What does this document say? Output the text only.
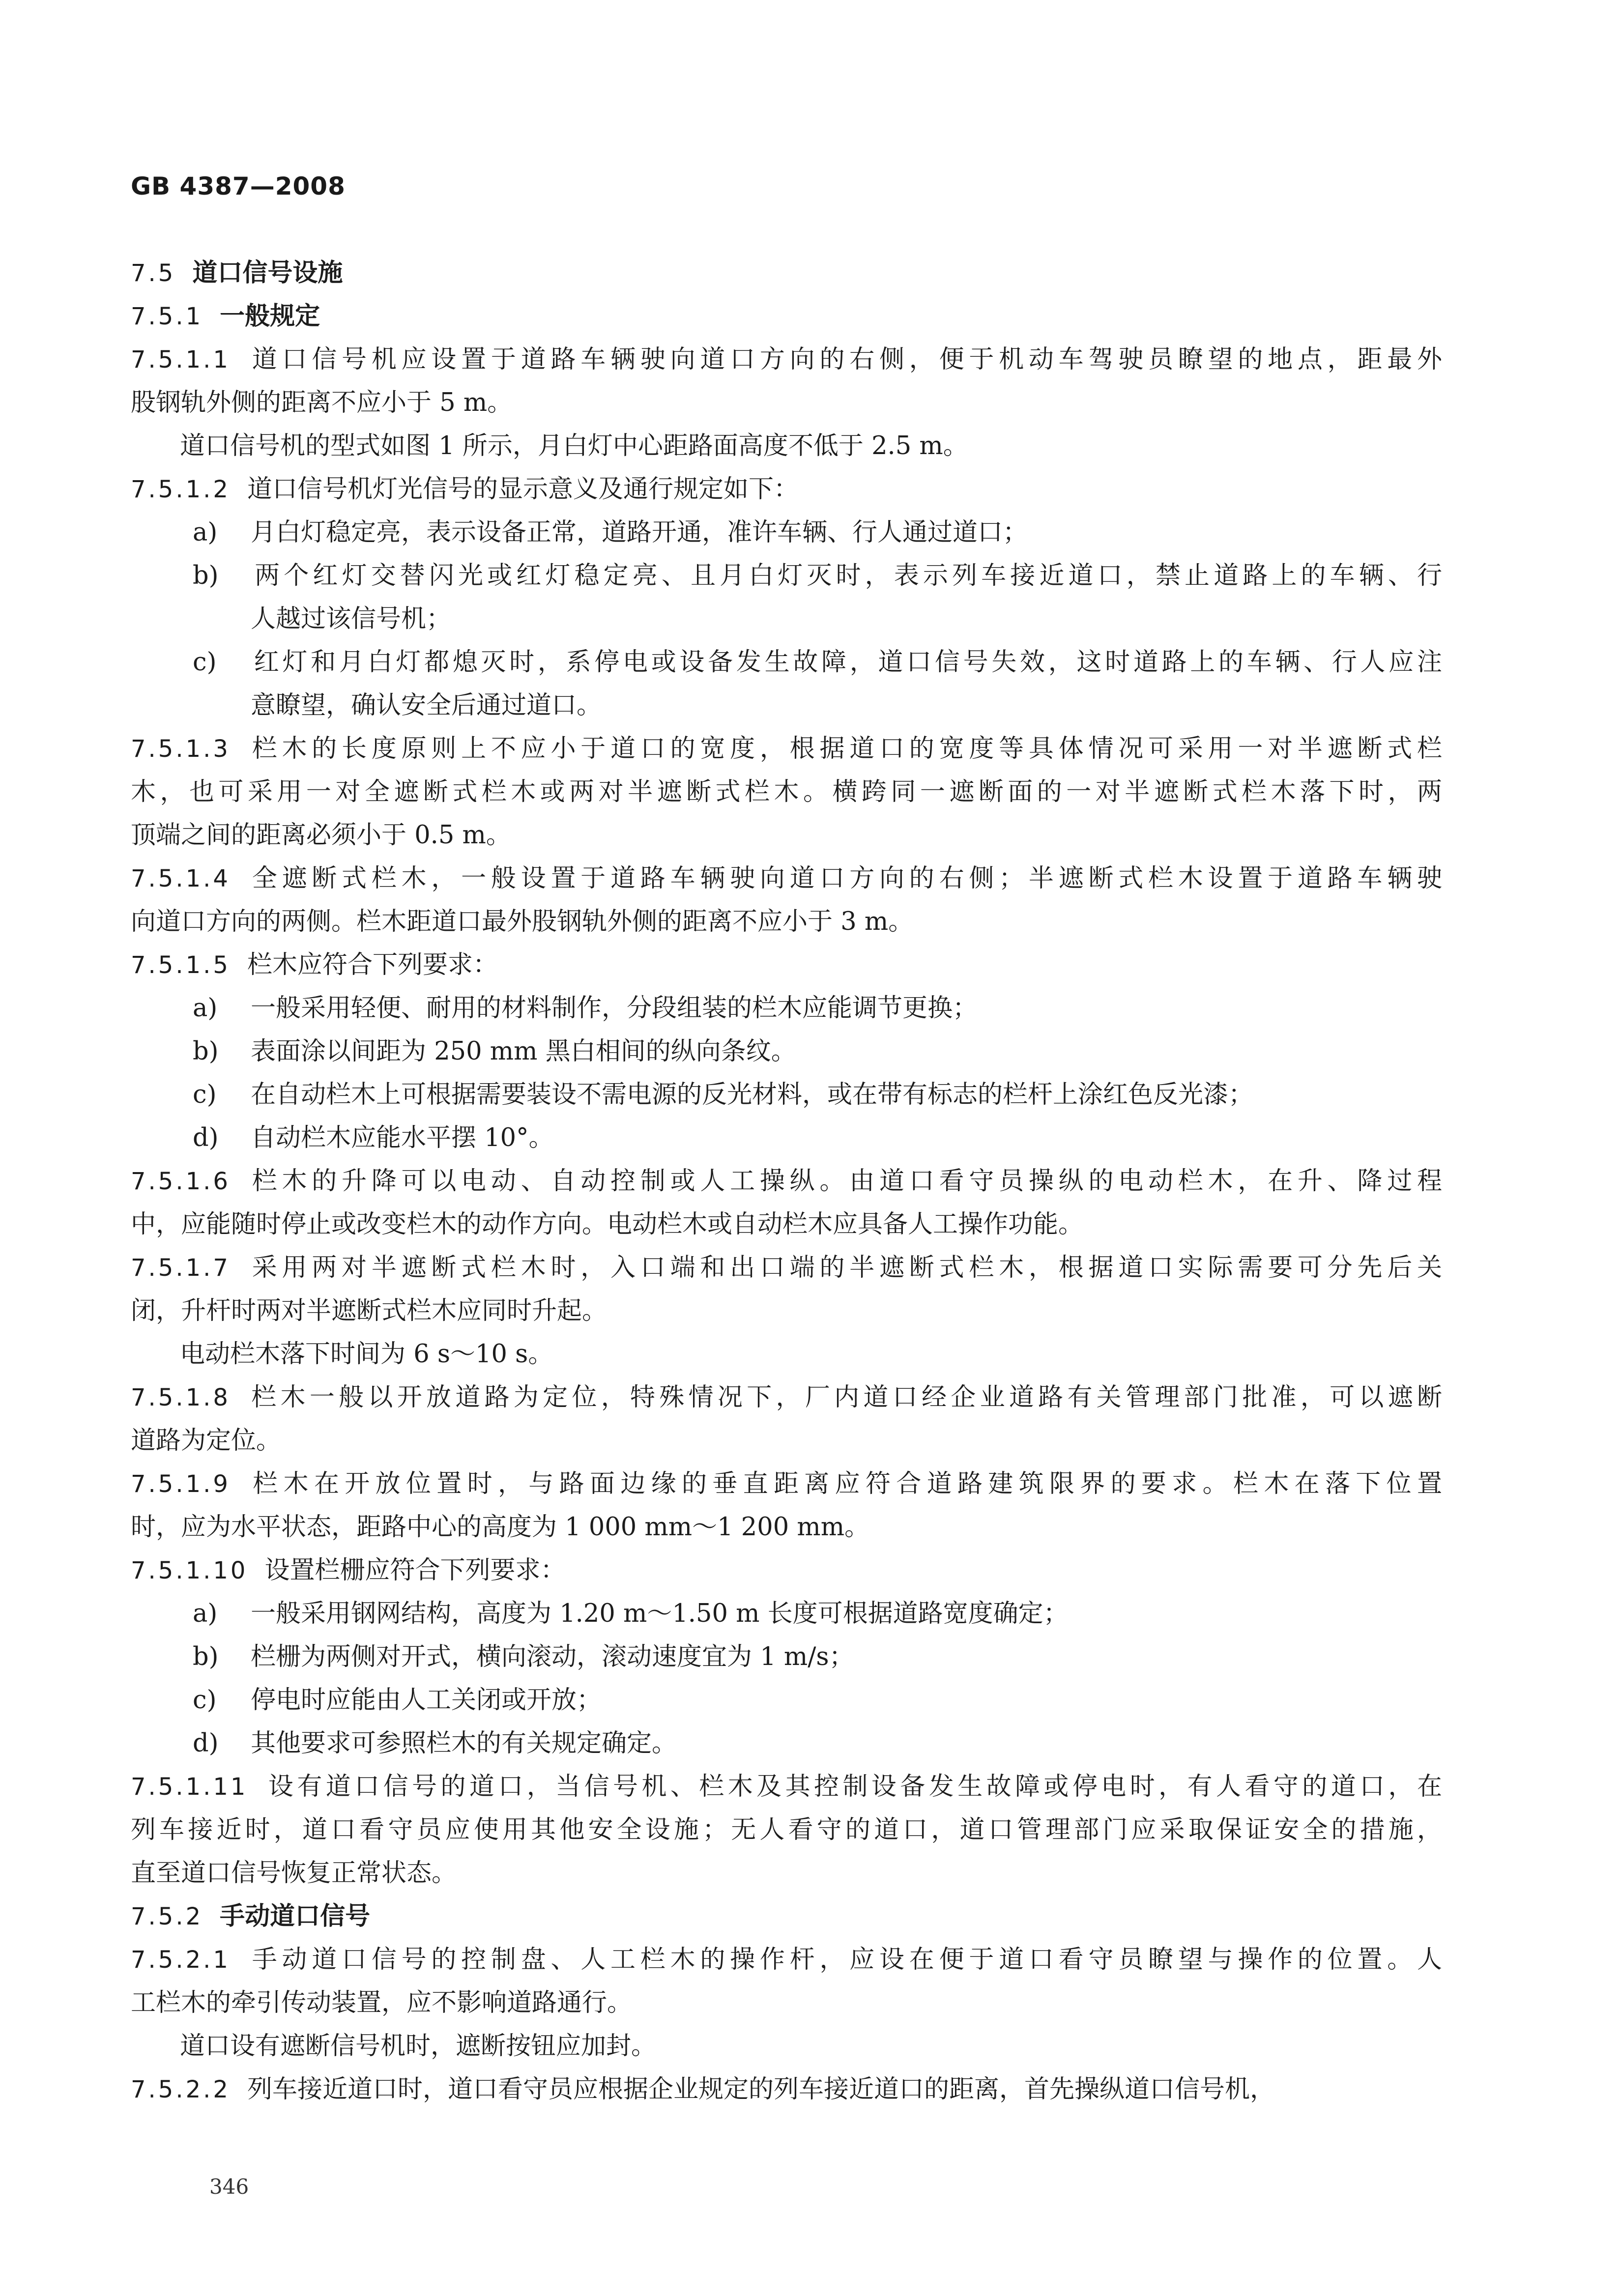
GB 4387—2008
7.5 道口信号设施
7.5.1 一般规定
7.5.1.1 道口信号机应设置于道路车辆驶向道口方向的右侧，便于机动车驾驶员瞭望的地点，距最外
股钢轨外侧的距离不应小于 5 m。
道口信号机的型式如图 1 所示，月白灯中心距路面高度不低于 2.5 m。
7.5.1.2 道口信号机灯光信号的显示意义及通行规定如下：
a) 月白灯稳定亮，表示设备正常，道路开通，准许车辆、行人通过道口；
b) 两个红灯交替闪光或红灯稳定亮、且月白灯灭时，表示列车接近道口，禁止道路上的车辆、行
人越过该信号机；
c) 红灯和月白灯都熄灭时，系停电或设备发生故障，道口信号失效，这时道路上的车辆、行人应注
意瞭望，确认安全后通过道口。
7.5.1.3 栏木的长度原则上不应小于道口的宽度，根据道口的宽度等具体情况可采用一对半遮断式栏
木，也可采用一对全遮断式栏木或两对半遮断式栏木。横跨同一遮断面的一对半遮断式栏木落下时，两
顶端之间的距离必须小于 0.5 m。
7.5.1.4 全遮断式栏木，一般设置于道路车辆驶向道口方向的右侧；半遮断式栏木设置于道路车辆驶
向道口方向的两侧。栏木距道口最外股钢轨外侧的距离不应小于 3 m。
7.5.1.5 栏木应符合下列要求：
a) 一般采用轻便、耐用的材料制作，分段组装的栏木应能调节更换；
b) 表面涂以间距为 250 mm 黑白相间的纵向条纹。
c) 在自动栏木上可根据需要装设不需电源的反光材料，或在带有标志的栏杆上涂红色反光漆；
d) 自动栏木应能水平摆 10°。
7.5.1.6 栏木的升降可以电动、自动控制或人工操纵。由道口看守员操纵的电动栏木，在升、降过程
中，应能随时停止或改变栏木的动作方向。电动栏木或自动栏木应具备人工操作功能。
7.5.1.7 采用两对半遮断式栏木时，入口端和出口端的半遮断式栏木，根据道口实际需要可分先后关
闭，升杆时两对半遮断式栏木应同时升起。
电动栏木落下时间为 6 s～10 s。
7.5.1.8 栏木一般以开放道路为定位，特殊情况下，厂内道口经企业道路有关管理部门批准，可以遮断
道路为定位。
7.5.1.9 栏木在开放位置时，与路面边缘的垂直距离应符合道路建筑限界的要求。栏木在落下位置
时，应为水平状态，距路中心的高度为 1 000 mm～1 200 mm。
7.5.1.10 设置栏栅应符合下列要求：
a) 一般采用钢网结构，高度为 1.20 m～1.50 m 长度可根据道路宽度确定；
b) 栏栅为两侧对开式，横向滚动，滚动速度宜为 1 m/s；
c) 停电时应能由人工关闭或开放；
d) 其他要求可参照栏木的有关规定确定。
7.5.1.11 设有道口信号的道口，当信号机、栏木及其控制设备发生故障或停电时，有人看守的道口，在
列车接近时，道口看守员应使用其他安全设施；无人看守的道口，道口管理部门应采取保证安全的措施，
直至道口信号恢复正常状态。
7.5.2 手动道口信号
7.5.2.1 手动道口信号的控制盘、人工栏木的操作杆，应设在便于道口看守员瞭望与操作的位置。人
工栏木的牵引传动装置，应不影响道路通行。
道口设有遮断信号机时，遮断按钮应加封。
7.5.2.2 列车接近道口时，道口看守员应根据企业规定的列车接近道口的距离，首先操纵道口信号机，
346
